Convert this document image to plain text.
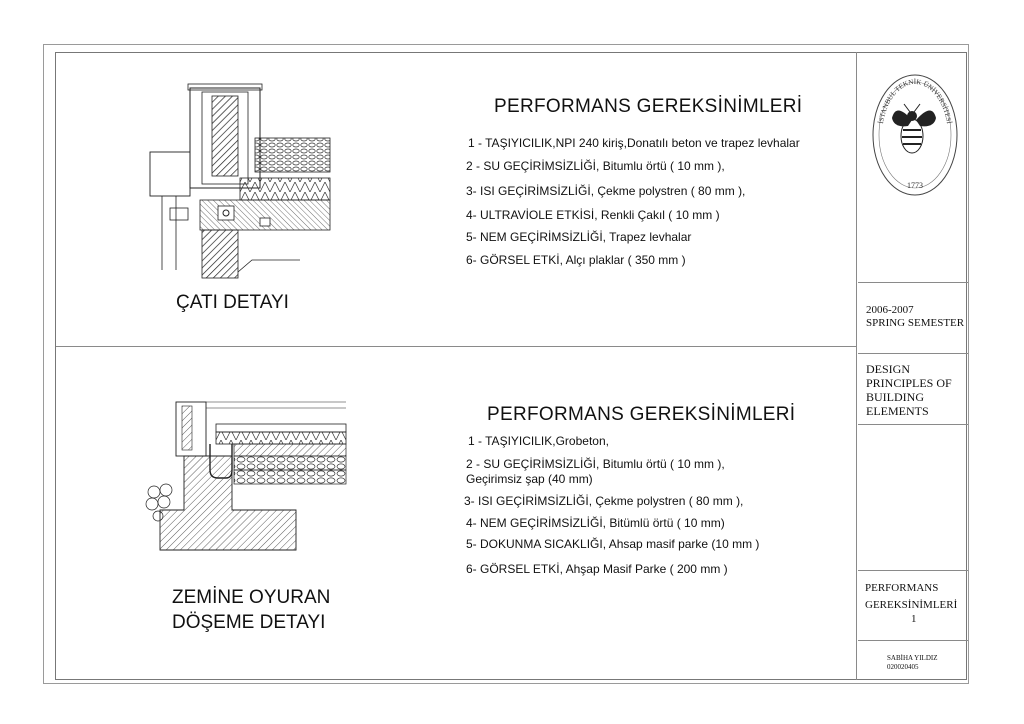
PERFORMANS GEREKSİNİMLERİ
1 - TAŞIYICILIK,NPI 240 kiriş,Donatılı beton ve trapez levhalar
2 - SU GEÇİRİMSİZLİĞİ, Bitumlu örtü ( 10 mm ),
3- ISI GEÇİRİMSİZLİĞİ, Çekme polystren ( 80 mm ),
4- ULTRAVİOLE ETKİSİ, Renkli Çakıl ( 10 mm )
5- NEM GEÇİRİMSİZLİĞİ, Trapez levhalar
6- GÖRSEL ETKİ, Alçı plaklar ( 350 mm )
ÇATI DETAYI
PERFORMANS GEREKSİNİMLERİ
1 - TAŞIYICILIK,Grobeton,
2 - SU GEÇİRİMSİZLİĞİ, Bitumlu örtü ( 10 mm ),
Geçirimsiz şap (40 mm)
3- ISI GEÇİRİMSİZLİĞİ, Çekme polystren ( 80 mm ),
4- NEM GEÇİRİMSİZLİĞİ, Bitümlü örtü ( 10 mm)
5- DOKUNMA SICAKLIĞI, Ahsap masif parke (10 mm )
6- GÖRSEL ETKİ, Ahşap Masif Parke ( 200 mm )
ZEMİNE OYURAN
DÖŞEME DETAYI
İSTANBUL TEKNİK ÜNİVERSİTESİ
1773
2006-2007
SPRING SEMESTER
DESIGN
PRINCIPLES OF
BUILDING
ELEMENTS
PERFORMANS
GEREKSİNİMLERİ
1
SABİHA YILDIZ
020020405
